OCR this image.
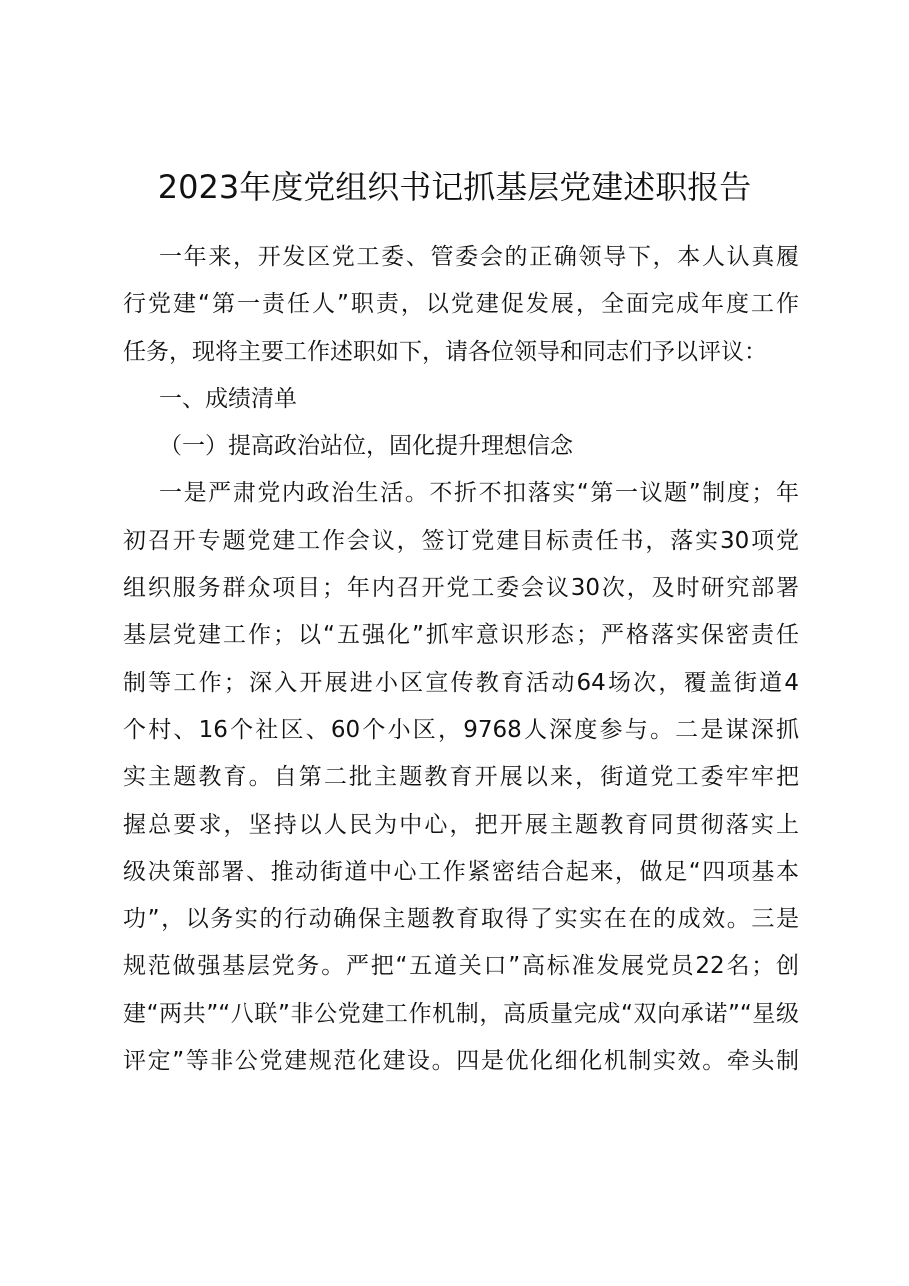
2023年度党组织书记抓基层党建述职报告
一年来，开发区党工委、管委会的正确领导下，本人认真履
行党建“第一责任人”职责，以党建促发展，全面完成年度工作
任务，现将主要工作述职如下，请各位领导和同志们予以评议：
一、成绩清单
（一）提高政治站位，固化提升理想信念
一是严肃党内政治生活。不折不扣落实“第一议题”制度；年
初召开专题党建工作会议，签订党建目标责任书，落实30项党
组织服务群众项目；年内召开党工委会议30次，及时研究部署
基层党建工作；以“五强化”抓牢意识形态；严格落实保密责任
制等工作；深入开展进小区宣传教育活动64场次，覆盖街道4
个村、16个社区、60个小区，9768人深度参与。二是谋深抓
实主题教育。自第二批主题教育开展以来，街道党工委牢牢把
握总要求，坚持以人民为中心，把开展主题教育同贯彻落实上
级决策部署、推动街道中心工作紧密结合起来，做足“四项基本
功”，以务实的行动确保主题教育取得了实实在在的成效。三是
规范做强基层党务。严把“五道关口”高标准发展党员22名；创
建“两共”“八联”非公党建工作机制，高质量完成“双向承诺”“星级
评定”等非公党建规范化建设。四是优化细化机制实效。牵头制
